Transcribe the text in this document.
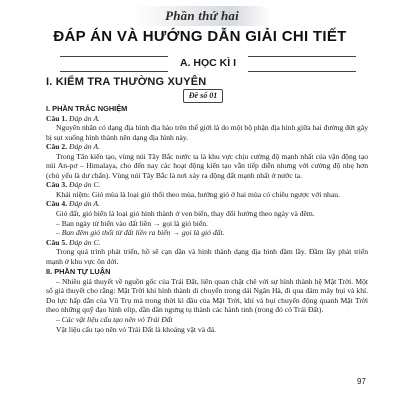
Phần thứ hai
ĐÁP ÁN VÀ HƯỚNG DẪN GIẢI CHI TIẾT
A. HỌC KÌ I
I. KIỂM TRA THƯỜNG XUYÊN
Đề số 01

I. PHẦN TRẮC NGHIỆM

Câu 1. Đáp án A.

Nguyên nhân có dạng địa hình địa hào trên thế giới là do một bộ phận địa hình giữa hai đường đứt gãy bị sụt xuống hình thành nên dạng địa hình này.

Câu 2. Đáp án A.

Trong Tân kiến tạo, vùng núi Tây Bắc nước ta là khu vực chịu cường độ mạnh nhất của vận động tạo núi An-pơ – Himalaya, cho đến nay các hoạt động kiến tạo vẫn tiếp diễn nhưng với cường độ nhẹ hơn (chủ yếu là dư chấn). Vùng núi Tây Bắc là nơi xảy ra động đất mạnh nhất ở nước ta.

Câu 3. Đáp án C.

Khái niệm: Gió mùa là loại gió thổi theo mùa, hướng gió ở hai mùa có chiều ngược với nhau.

Câu 4. Đáp án A.

Gió đất, gió biển là loại gió hình thành ở ven biển, thay đổi hướng theo ngày và đêm.

– Ban ngày từ biển vào đất liền → gọi là gió biển.

– Ban đêm gió thổi từ đất liền ra biển → gọi là gió đất.

Câu 5. Đáp án C.

Trong quá trình phát triển, hồ sẽ cạn dần và hình thành dạng địa hình đầm lầy. Đầm lầy phát triển mạnh ở khu vực ôn đới.

II. PHẦN TỰ LUẬN

– Nhiều giả thuyết về nguồn gốc của Trái Đất, liên quan chặt chẽ với sự hình thành hệ Mặt Trời. Một số giả thuyết cho rằng: Mặt Trời khi hình thành di chuyển trong dải Ngân Hà, đi qua đám mây bụi và khí. Do lực hấp dẫn của Vũ Trụ mà trong thời kì đầu của Mặt Trời, khí và bụi chuyển động quanh Mặt Trời theo những quỹ đạo hình elip, dần dần ngưng tụ thành các hành tinh (trong đó có Trái Đất).

– Các vật liệu cấu tạo nên vỏ Trái Đất

Vật liệu cấu tạo nên vỏ Trái Đất là khoáng vật và đá.

97
